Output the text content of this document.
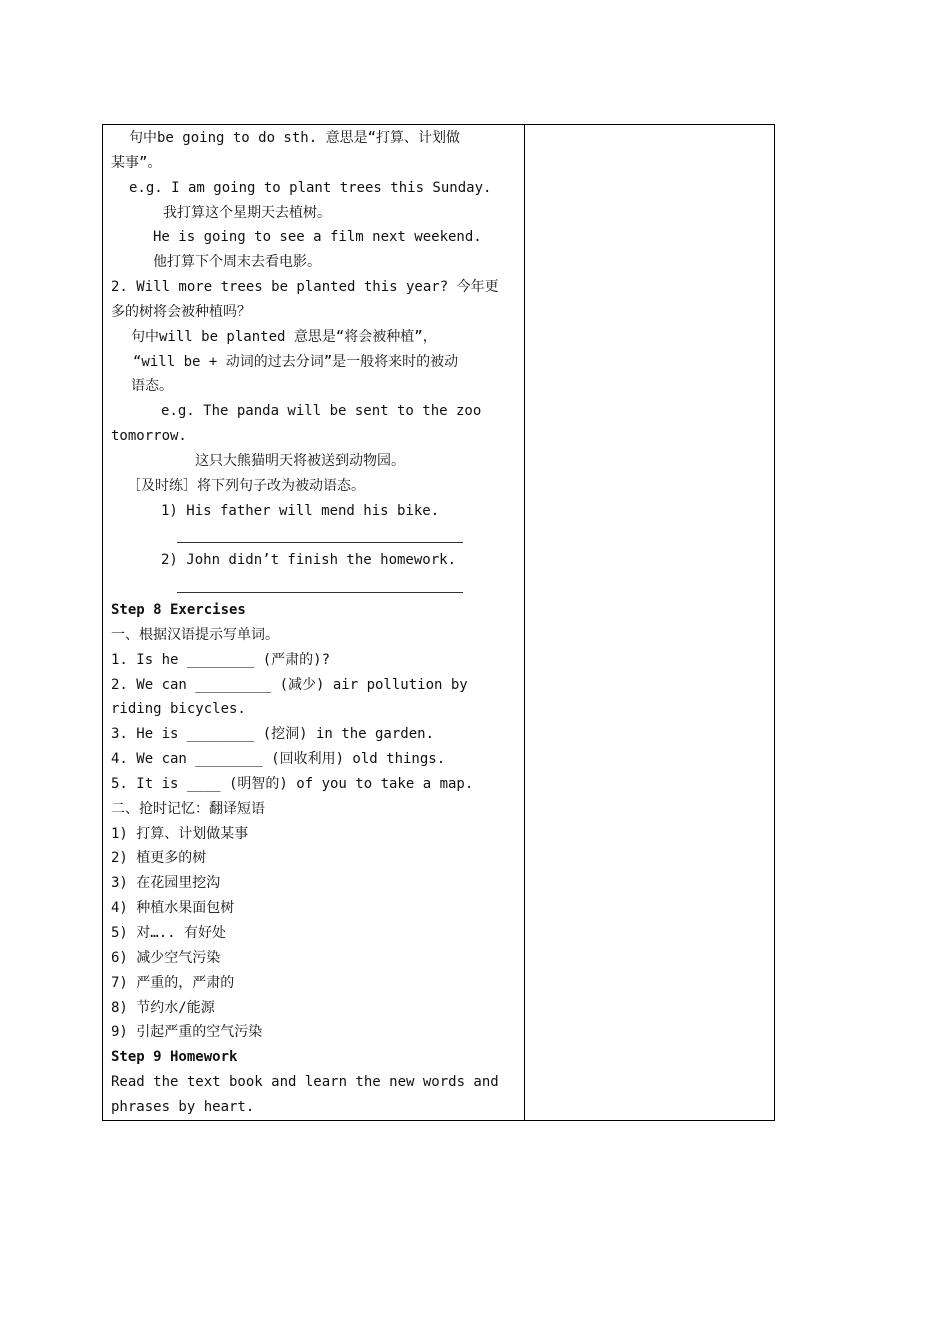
句中be going to do sth. 意思是“打算、计划做
某事”。
e.g. I am going to plant trees this Sunday.
我打算这个星期天去植树。
He is going to see a film next weekend.
他打算下个周末去看电影。
2. Will more trees be planted this year? 今年更
多的树将会被种植吗？
句中will be planted 意思是“将会被种植”，
“will be + 动词的过去分词”是一般将来时的被动
语态。
e.g. The panda will be sent to the zoo
tomorrow.
这只大熊猫明天将被送到动物园。
［及时练］将下列句子改为被动语态。
1) His father will mend his bike.
2) John didn’t finish the homework.
Step 8 Exercises
一、根据汉语提示写单词。
1. Is he ________ (严肃的)?
2. We can _________ (减少) air pollution by
riding bicycles.
3. He is ________ (挖洞) in the garden.
4. We can ________ (回收利用) old things.
5. It is ____ (明智的) of you to take a map.
二、抢时记忆：翻译短语
1) 打算、计划做某事
2) 植更多的树
3) 在花园里挖沟
4) 种植水果面包树
5) 对….. 有好处
6) 减少空气污染
7) 严重的，严肃的
8) 节约水/能源
9) 引起严重的空气污染
Step 9 Homework
Read the text book and learn the new words and
phrases by heart.
